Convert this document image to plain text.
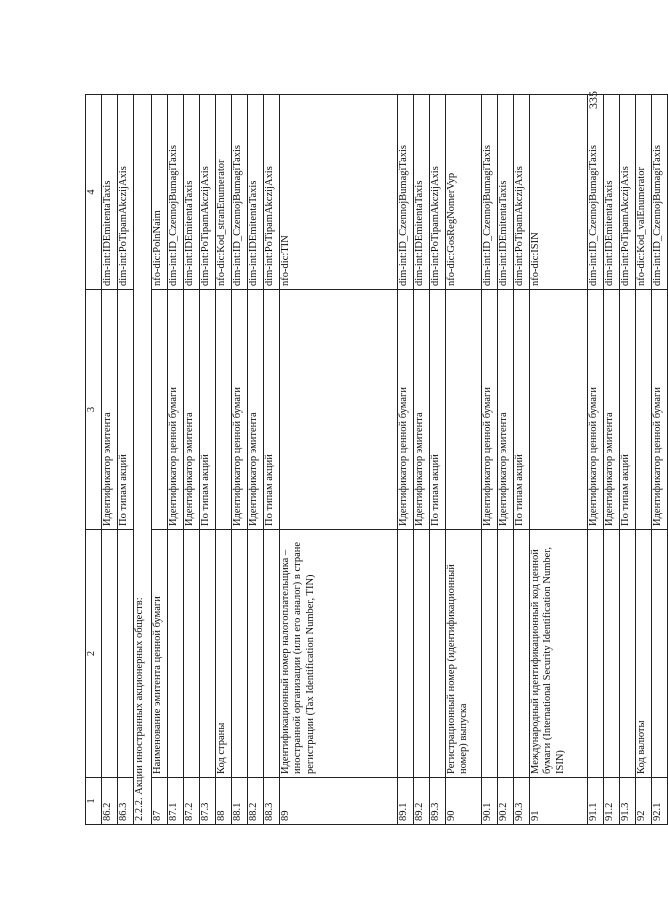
335
1	2	3	4
86.2		Идентификатор эмитента	dim-int:IDEmitentaTaxis
86.3		По типам акций	dim-int:PoTipamAkczijAxis
2.2.2. Акции иностранных акционерных обществ:			
87	Наименование эмитента ценной бумаги		nfo-dic:PolnNaim
87.1		Идентификатор ценной бумаги	dim-int:ID_CzennojBumagiTaxis
87.2		Идентификатор эмитента	dim-int:IDEmitentaTaxis
87.3		По типам акций	dim-int:PoTipamAkczijAxis
88	Код страны		nfo-dic:Kod_stranEnumerator
88.1		Идентификатор ценной бумаги	dim-int:ID_CzennojBumagiTaxis
88.2		Идентификатор эмитента	dim-int:IDEmitentaTaxis
88.3		По типам акций	dim-int:PoTipamAkczijAxis
89	Идентификационный номер налогоплательщика – иностранной организации (или его аналог) в стране регистрации (Tax Identification Number, TIN)		nfo-dic:TIN
89.1		Идентификатор ценной бумаги	dim-int:ID_CzennojBumagiTaxis
89.2		Идентификатор эмитента	dim-int:IDEmitentaTaxis
89.3		По типам акций	dim-int:PoTipamAkczijAxis
90	Регистрационный номер (идентификационный номер) выпуска		nfo-dic:GosRegNomerVyp
90.1		Идентификатор ценной бумаги	dim-int:ID_CzennojBumagiTaxis
90.2		Идентификатор эмитента	dim-int:IDEmitentaTaxis
90.3		По типам акций	dim-int:PoTipamAkczijAxis
91	Международный идентификационный код ценной бумаги (International Security Identification Number, ISIN)		nfo-dic:ISIN
91.1		Идентификатор ценной бумаги	dim-int:ID_CzennojBumagiTaxis
91.2		Идентификатор эмитента	dim-int:IDEmitentaTaxis
91.3		По типам акций	dim-int:PoTipamAkczijAxis
92	Код валюты		nfo-dic:Kod_valEnumerator
92.1		Идентификатор ценной бумаги	dim-int:ID_CzennojBumagiTaxis
